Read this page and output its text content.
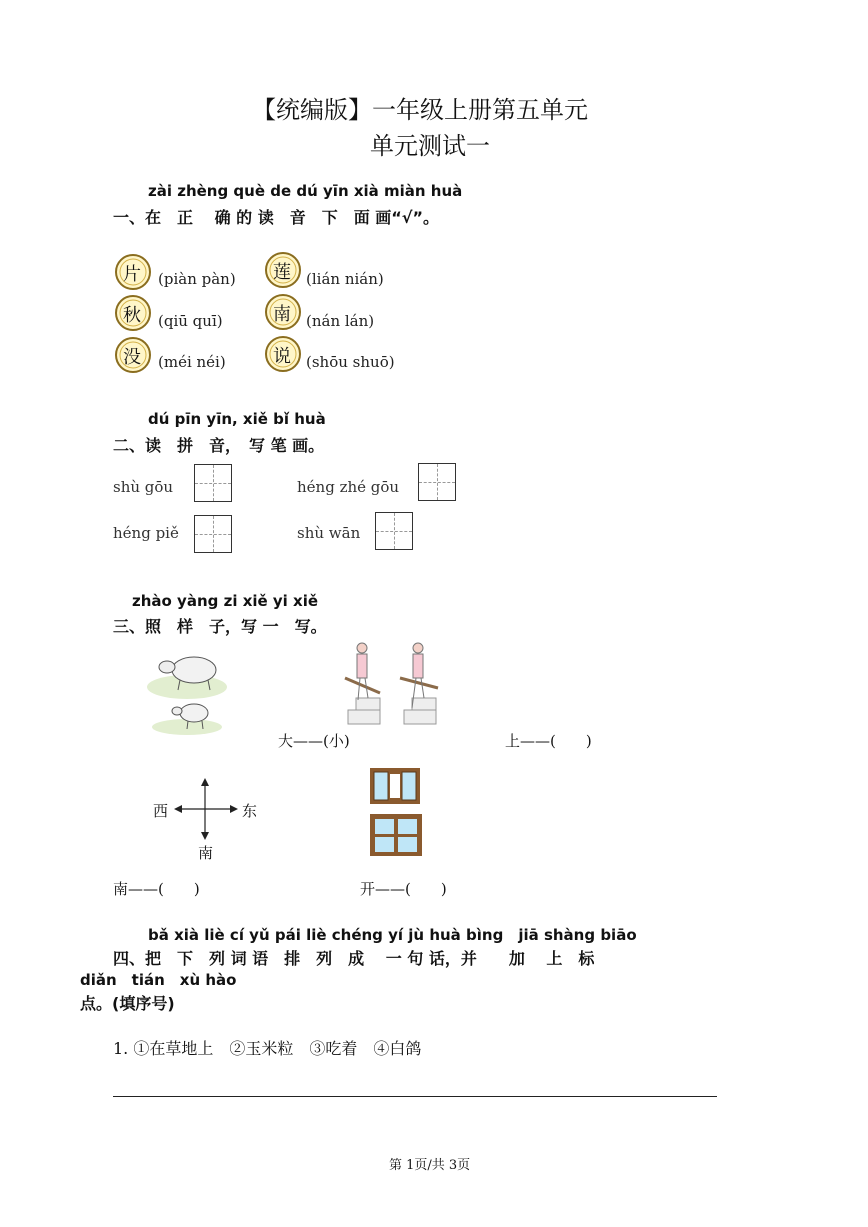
【统编版】一年级上册第五单元
单元测试一
zài zhèng què de dú yīn xià miàn huà
一、在　正　 确 的 读　音　下　面 画“√”。
片 (piàn pàn) 莲 (lián nián)
秋 (qiū quī)	南 (nán lán)
没 (méi néi)	说 (shōu shuō)
dú pīn yīn, xiě bǐ huà
二、读　拼　音，　写 笔 画。
shù gōu	héng zhé gōu
héng piě	shù wān
zhào yàng zi xiě yi xiě
三、照　样　子，写 一　写。
大——(小)	上——(　　)
西	东
南
南——(　　)	开——(　　)
bǎ xià liè cí yǔ pái liè chéng yí jù huà bìng　jiā shàng biāo
四、把　下　列 词 语　排　列　成　 一 句 话，并　　加　 上　标
diǎn　tián　xù hào
点。(填序号)
1. ①在草地上　②玉米粒　③吃着　④白鸽
第 1页/共 3页
